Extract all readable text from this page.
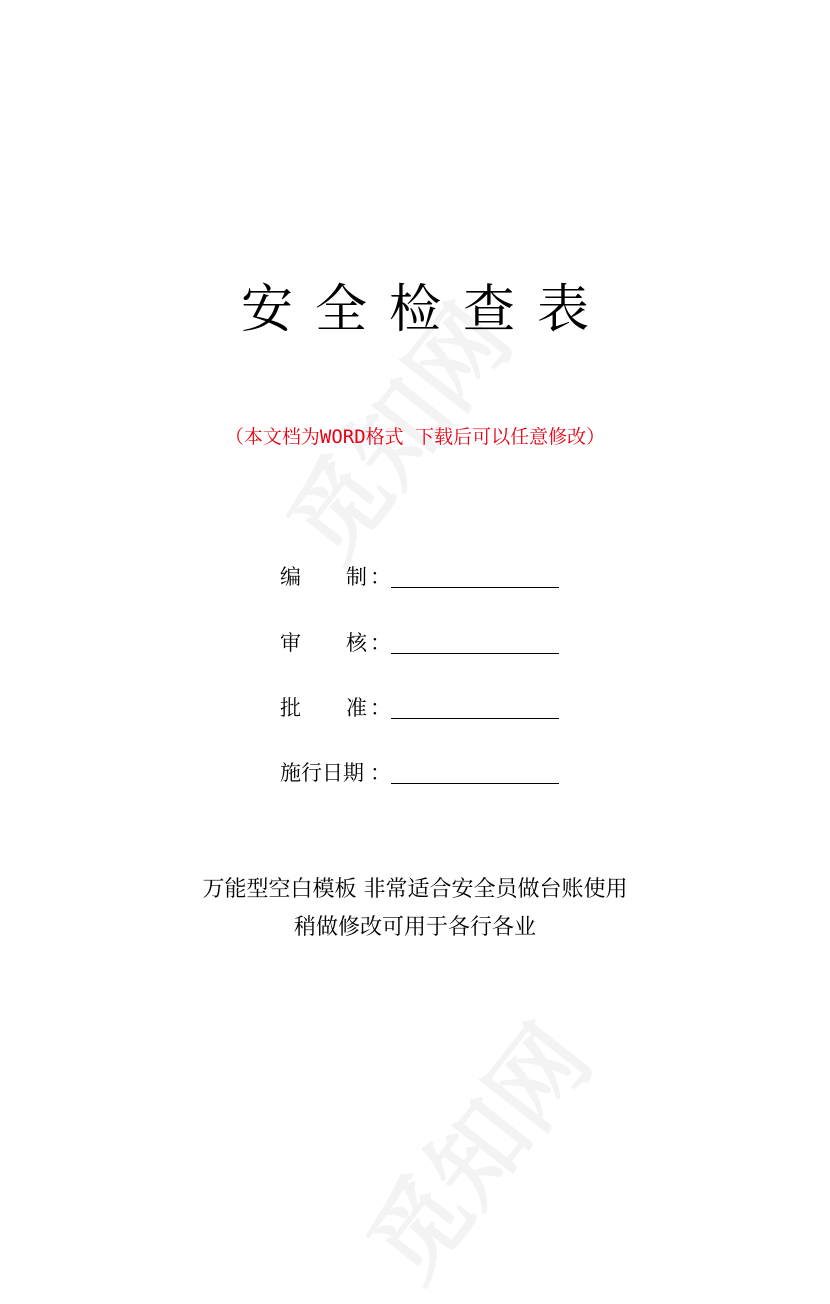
安全检查表
（本文档为WORD格式 下载后可以任意修改）
编 制 ：
审 核 ：
批 准 ：
施行日期 ：
万能型空白模板 非常适合安全员做台账使用
稍做修改可用于各行各业
